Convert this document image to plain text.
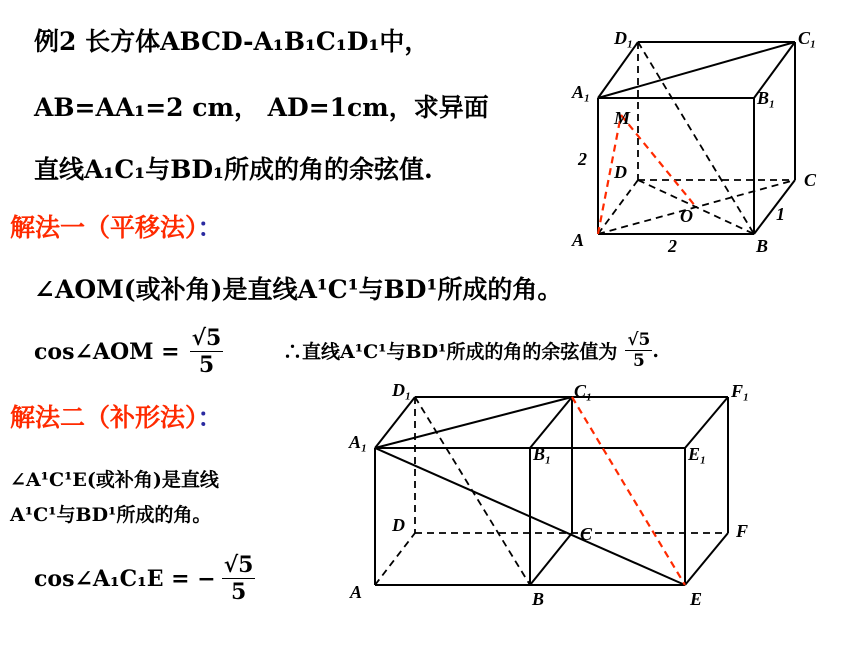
例2 长方体ABCD-A₁B₁C₁D₁中，
AB=AA₁=2 cm， AD=1cm，求异面
直线A₁C₁与BD₁所成的角的余弦值.
解法一（平移法）：
∠AOM(或补角)是直线A¹C¹与BD¹所成的角。
cos∠AOM = $\frac{√5}{5}$	∴直线A¹C¹与BD¹所成的角的余弦值为 $\frac{√5}{5}$ .
解法二（补形法）：
∠A¹C¹E(或补角)是直线
A¹C¹与BD¹所成的角。
cos∠A₁C₁E = − $\frac{√5}{5}$
D₁	C₁
A₁	B₁
M
D	C
O
A	B
2
2
1
D₁	C₁	F₁
A₁
B₁	E₁
D	C	F
A	B	E
